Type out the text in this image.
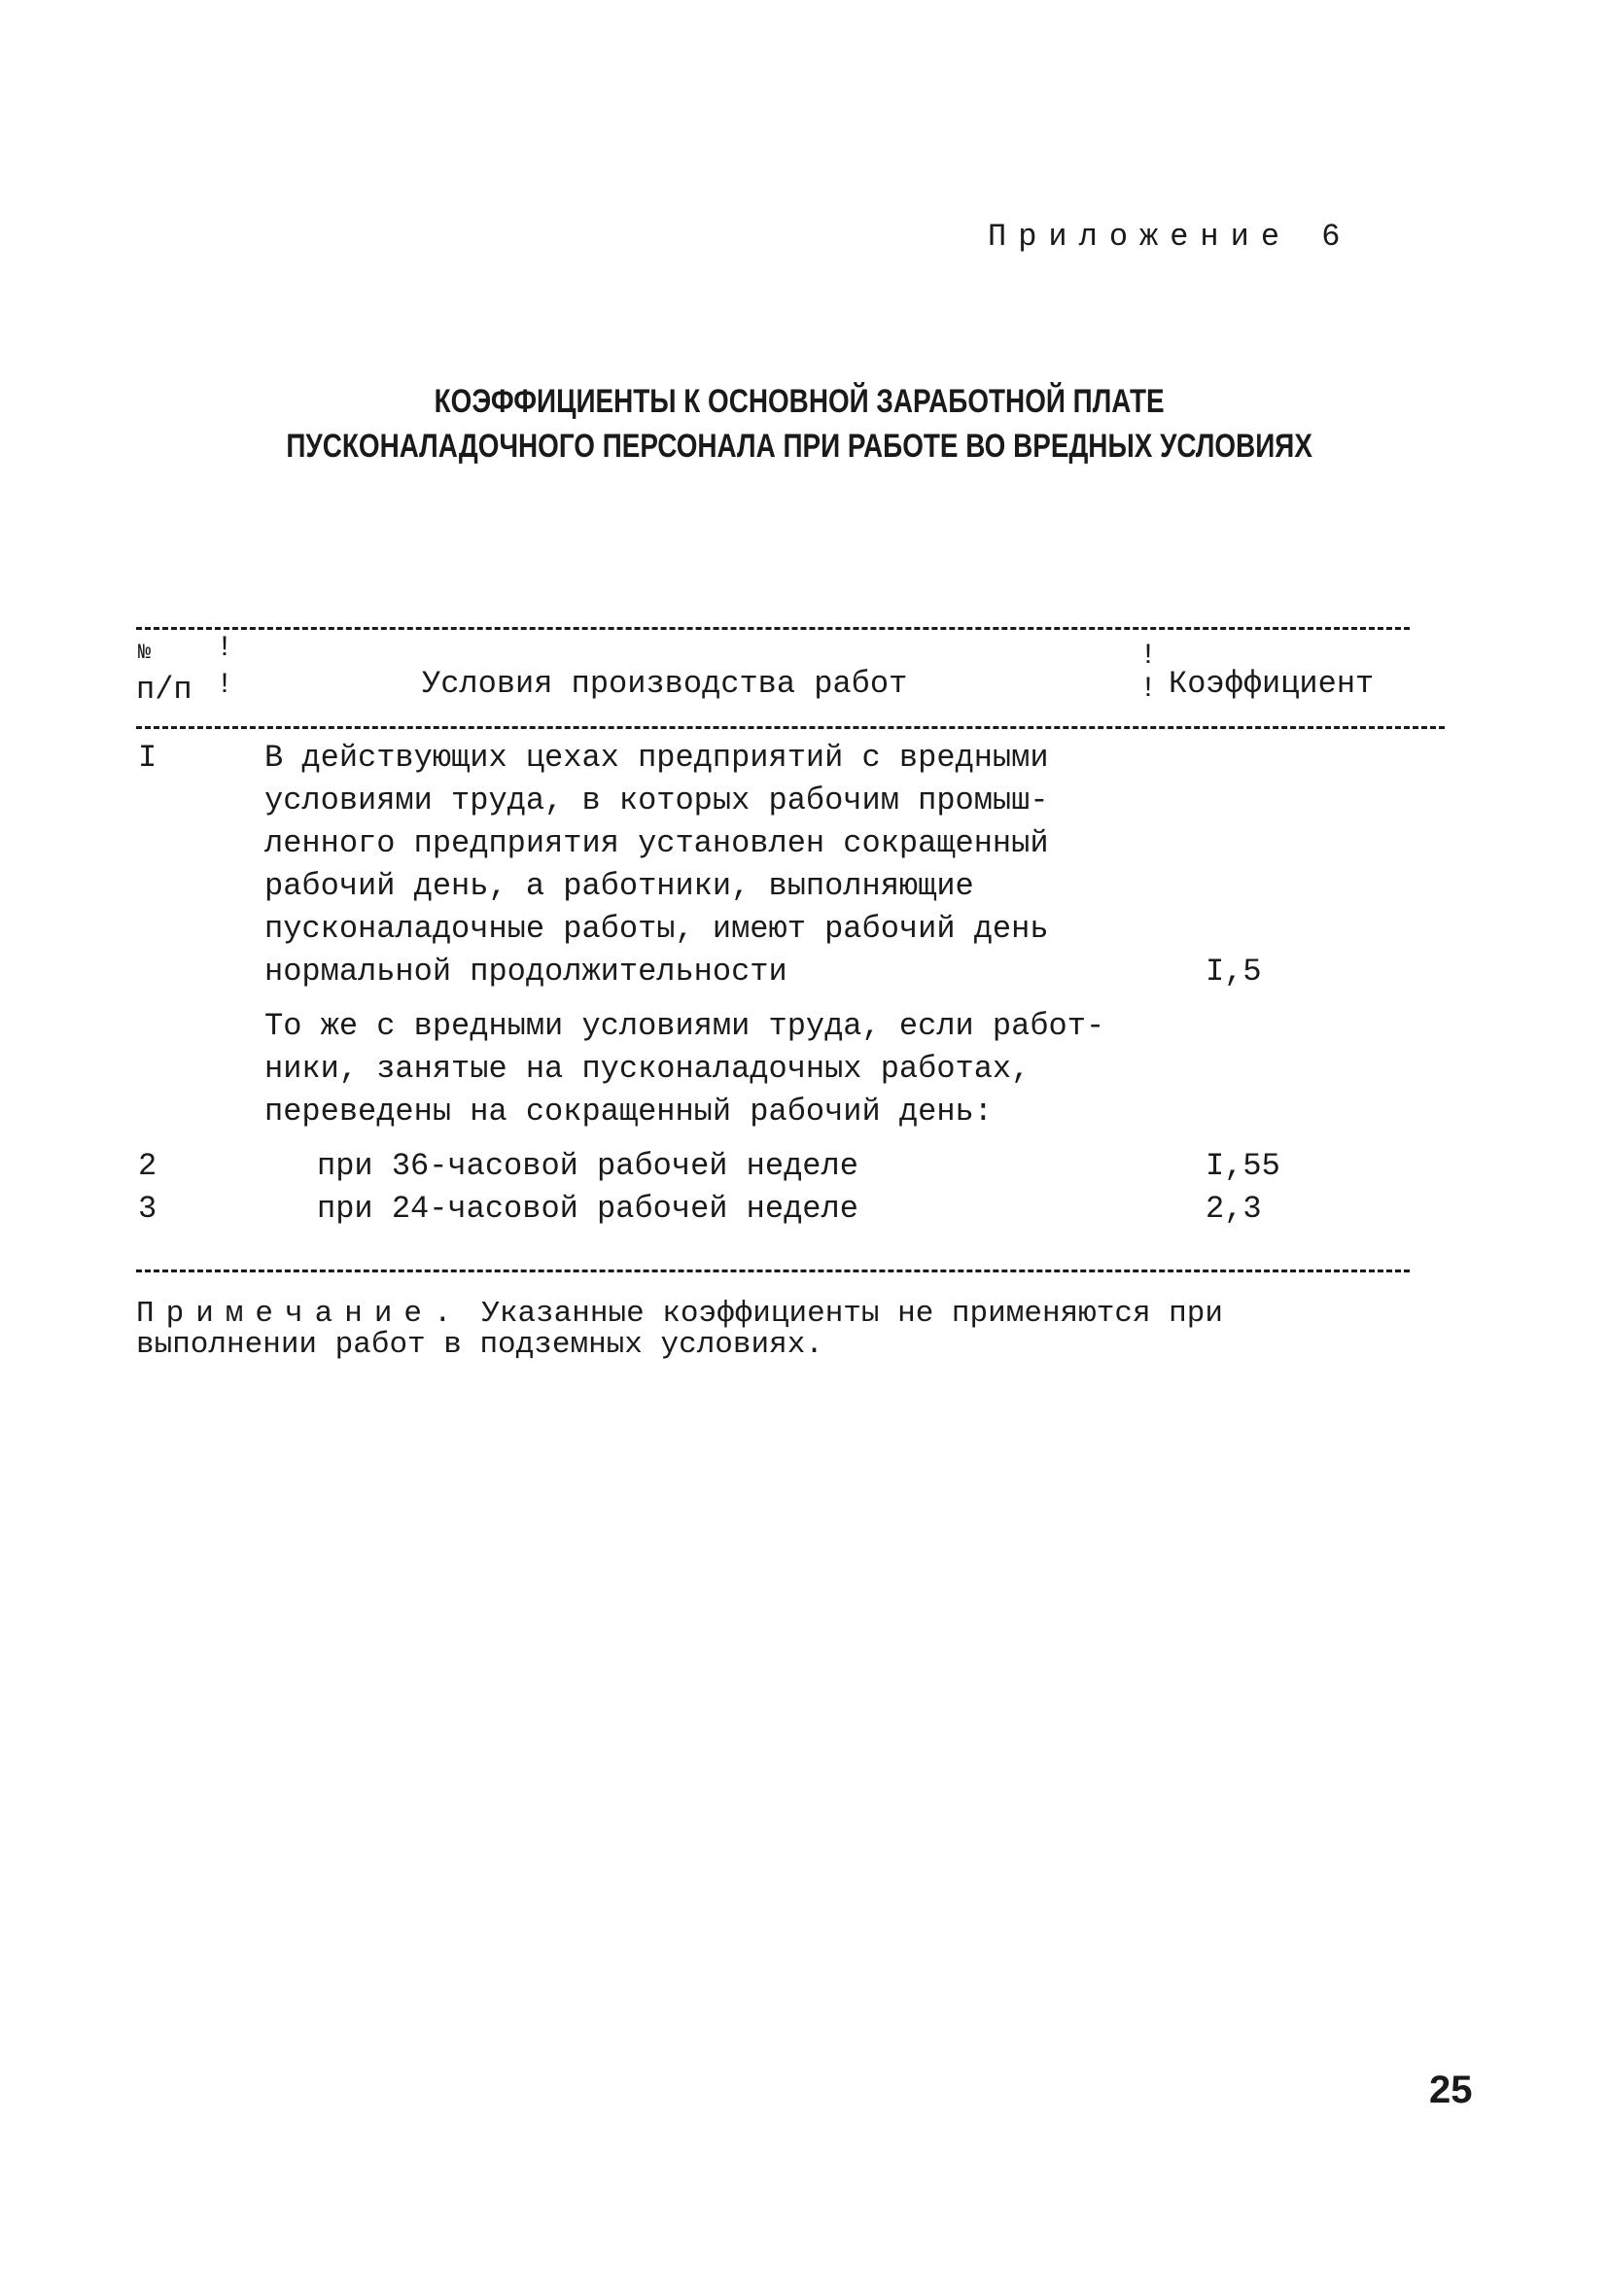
Приложение 6
КОЭФФИЦИЕНТЫ К ОСНОВНОЙ ЗАРАБОТНОЙ ПЛАТЕ
ПУСКОНАЛАДОЧНОГО ПЕРСОНАЛА ПРИ РАБОТЕ ВО ВРЕДНЫХ УСЛОВИЯХ
!
!
!
!
№
п/п	Условия производства работ	Коэффициент
I	В действующих цехах предприятий с вредными
условиями труда, в которых рабочим промыш-
ленного предприятия установлен сокращенный
рабочий день, а работники, выполняющие
пусконаладочные работы, имеют рабочий день
нормальной продолжительности	I,5
То же с вредными условиями труда, если работ-
ники, занятые на пусконаладочных работах,
переведены на сокращенный рабочий день:
2	при 36-часовой рабочей неделе	I,55
3	при 24-часовой рабочей неделе	2,3
Примечание. Указанные коэффициенты не применяются при выполнении работ в подземных условиях.
25
